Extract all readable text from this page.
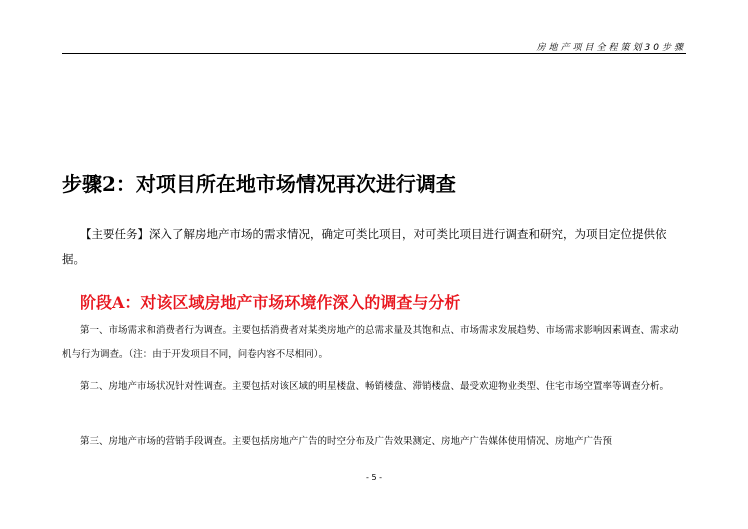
房地产项目全程策划30步骤
步骤2：对项目所在地市场情况再次进行调查

【主要任务】深入了解房地产市场的需求情况，确定可类比项目，对可类比项目进行调查和研究，为项目定位提供依据。

阶段A：对该区域房地产市场环境作深入的调查与分析

第一、市场需求和消费者行为调查。主要包括消费者对某类房地产的总需求量及其饱和点、市场需求发展趋势、市场需求影响因素调查、需求动机与行为调查。（注：由于开发项目不同，问卷内容不尽相同）。

第二、房地产市场状况针对性调查。主要包括对该区域的明星楼盘、畅销楼盘、滞销楼盘、最受欢迎物业类型、住宅市场空置率等调查分析。

第三、房地产市场的营销手段调查。主要包括房地产广告的时空分布及广告效果测定、房地产广告媒体使用情况、房地产广告预

- 5 -
